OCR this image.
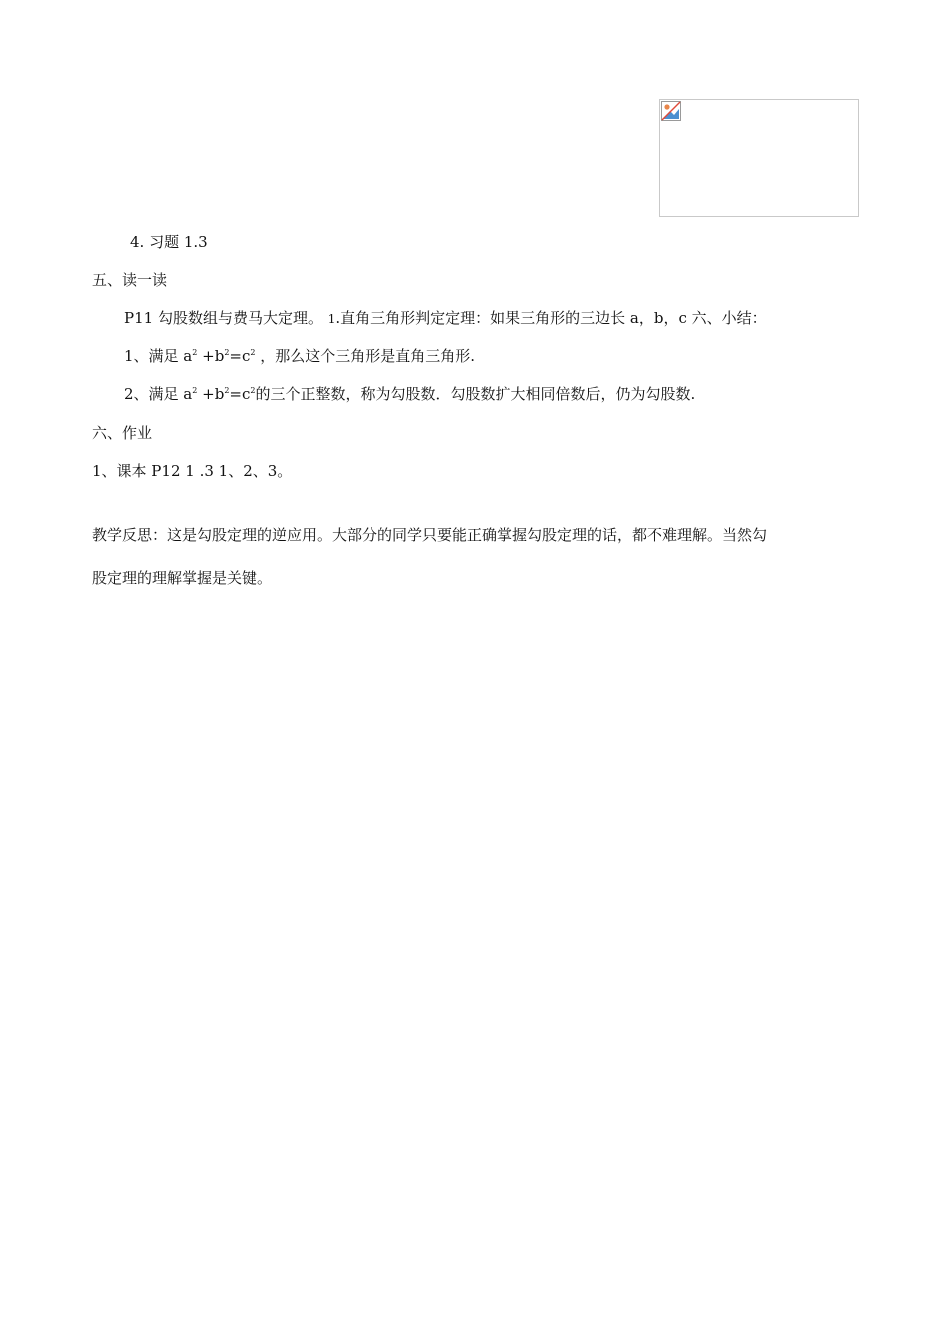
4. 习题 1.3
五、读一读
P11 勾股数组与费马大定理。 1.直角三角形判定定理：如果三角形的三边长 a，b，c 六、小结：
1、满足 $a^2 +b^2=c^2$ ，那么这个三角形是直角三角形.
2、满足 $a^2 +b^2=c^2$的三个正整数，称为勾股数．勾股数扩大相同倍数后，仍为勾股数.
六、作业
1、课本 P12 1 .3 1、2、3。
教学反思：这是勾股定理的逆应用。大部分的同学只要能正确掌握勾股定理的话，都不难理解。当然勾
股定理的理解掌握是关键。
